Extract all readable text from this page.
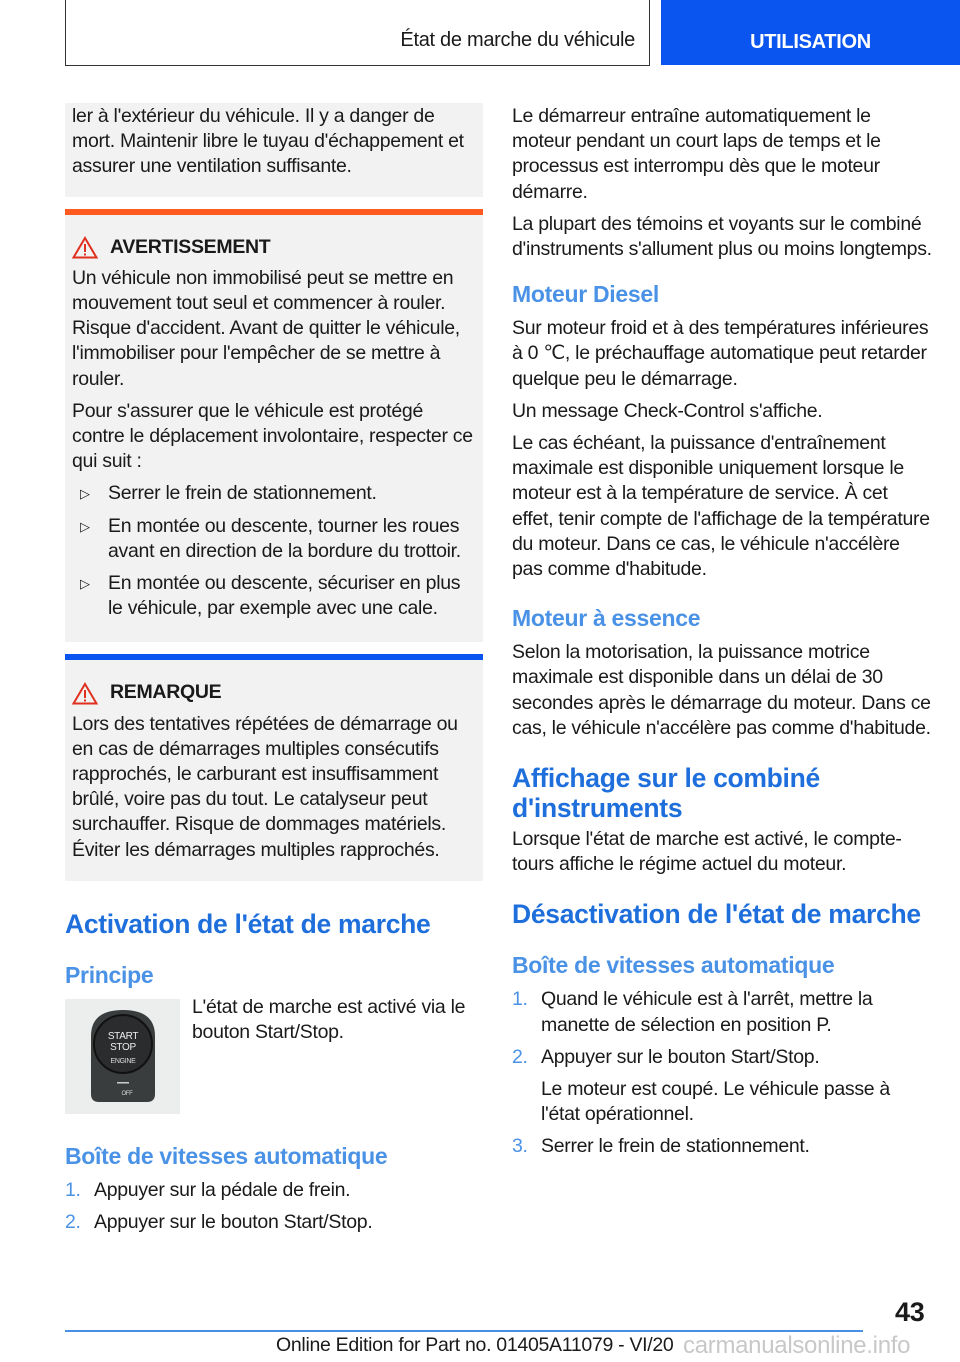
État de marche du véhicule	UTILISATION

ler à l'extérieur du véhicule. Il y a danger de mort. Maintenir libre le tuyau d'échappement et assurer une ventilation suffisante.

AVERTISSEMENT

Un véhicule non immobilisé peut se mettre en mouvement tout seul et commencer à rouler. Risque d'accident. Avant de quitter le véhicule, l'immobiliser pour l'empêcher de se mettre à rouler.

Pour s'assurer que le véhicule est protégé contre le déplacement involontaire, respecter ce qui suit :

▷ Serrer le frein de stationnement.
▷ En montée ou descente, tourner les roues avant en direction de la bordure du trottoir.
▷ En montée ou descente, sécuriser en plus le véhicule, par exemple avec une cale.
REMARQUE

Lors des tentatives répétées de démarrage ou en cas de démarrages multiples consécutifs rapprochés, le carburant est insuffisamment brûlé, voire pas du tout. Le catalyseur peut surchauffer. Risque de dommages matériels. Éviter les démarrages multiples rapprochés.

Activation de l'état de marche
Principe
START
STOP
ENGINE
OFF

L'état de marche est activé via le bouton Start/Stop.

Boîte de vitesses automatique
1. Appuyer sur la pédale de frein.
2. Appuyer sur le bouton Start/Stop.

Le démarreur entraîne automatiquement le moteur pendant un court laps de temps et le processus est interrompu dès que le moteur démarre.

La plupart des témoins et voyants sur le combiné d'instruments s'allument plus ou moins longtemps.

Moteur Diesel

Sur moteur froid et à des températures inférieures à 0 ℃, le préchauffage automatique peut retarder quelque peu le démarrage.

Un message Check-Control s'affiche.

Le cas échéant, la puissance d'entraînement maximale est disponible uniquement lorsque le moteur est à la température de service. À cet effet, tenir compte de l'affichage de la température du moteur. Dans ce cas, le véhicule n'accélère pas comme d'habitude.

Moteur à essence

Selon la motorisation, la puissance motrice maximale est disponible dans un délai de 30 secondes après le démarrage du moteur. Dans ce cas, le véhicule n'accélère pas comme d'habitude.

Affichage sur le combiné d'instruments

Lorsque l'état de marche est activé, le compte-tours affiche le régime actuel du moteur.

Désactivation de l'état de marche
Boîte de vitesses automatique
1. Quand le véhicule est à l'arrêt, mettre la manette de sélection en position P.
2. Appuyer sur le bouton Start/Stop.
Le moteur est coupé. Le véhicule passe à l'état opérationnel.
3. Serrer le frein de stationnement.
43
Online Edition for Part no. 01405A11079 - VI/20 carmanualsonline.info
